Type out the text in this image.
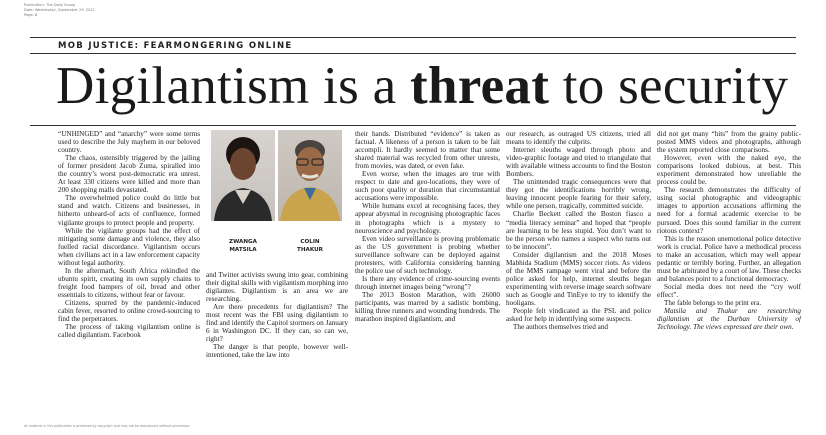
Publication: The Daily Scoop
Date: Wednesday, September 29, 2021
Page: 8
MOB JUSTICE: FEARMONGERING ONLINE
Digilantism is a threat to security

“UNHINGED” and “anarchy” were some terms used to describe the July mayhem in our beloved country.

The chaos, ostensibly triggered by the jailing of former president Jacob Zuma, spiralled into the country’s worst post-democratic era unrest. At least 330 citizens were killed and more than 200 shopping malls devastated.

The overwhelmed police could do little but stand and watch. Citizens and businesses, in hitherto unheard-of acts of confluence, formed vigilante groups to protect people and property.

While the vigilante groups had the effect of mitigating some damage and violence, they also fuelled racial discordance. Vigilantism occurs when civilians act in a law enforcement capacity without legal authority.

In the aftermath, South Africa rekindled the ubuntu spirit, creating its own supply chains to freight food hampers of oil, bread and other essentials to citizens, without fear or favour.

Citizens, spurred by the pandemic-induced cabin fever, resorted to online crowd-sourcing to find the perpetrators.

The process of taking vigilantism online is called digilantism. Facebook

ZWANGA
MATSILA
COLIN
THAKUR

and Twitter activists swung into gear, combining their digital skills with vigilantism morphing into digilantes. Digilantism is an area we are researching.

Are there precedents for digilantism? The most recent was the FBI using digilantism to find and identify the Capitol stormers on January 6 in Washington DC. If they can, so can we, right?

The danger is that people, however well-intentioned, take the law into

their hands. Distributed “evidence” is taken as factual. A likeness of a person is taken to be fait accompli. It hardly seemed to matter that some shared material was recycled from other unrests, from movies, was dated, or even fake.

Even worse, when the images are true with respect to date and geo-locations, they were of such poor quality or duration that circumstantial accusations were impossible.

While humans excel at recognising faces, they appear abysmal in recognising photographic faces in photographs which is a mystery to neuroscience and psychology.

Even video surveillance is proving problematic as the US government is probing whether surveillance software can be deployed against protesters, with California considering banning the police use of such technology.

Is there any evidence of crime-sourcing events through internet images being “wrong”?

The 2013 Boston Marathon, with 26000 participants, was marred by a sadistic bombing, killing three runners and wounding hundreds. The marathon inspired digilantism, and

our research, as outraged US citizens, tried all means to identify the culprits.

Internet sleuths waged through photo and video-graphic footage and tried to triangulate that with available witness accounts to find the Boston Bombers.

The unintended tragic consequences were that they got the identifications horribly wrong, leaving innocent people fearing for their safety, while one person, tragically, committed suicide.

Charlie Beckett called the Boston fiasco a “media literacy seminar” and hoped that “people are learning to be less stupid. You don’t want to be the person who names a suspect who turns out to be innocent”.

Consider digilantism and the 2018 Moses Mabhida Stadium (MMS) soccer riots. As videos of the MMS rampage went viral and before the police asked for help, internet sleuths began experimenting with reverse image search software such as Google and TinEye to try to identify the hooligans.

People felt vindicated as the PSL and police asked for help in identifying some suspects.

The authors themselves tried and

did not get many “hits” from the grainy public-posted MMS videos and photographs, although the system reported close comparisons.

However, even with the naked eye, the comparisons looked dubious, at best. This experiment demonstrated how unreliable the process could be.

The research demonstrates the difficulty of using social photographic and videographic images to apportion accusations affirming the need for a formal academic exercise to be pursued. Does this sound familiar in the current riotous context?

This is the reason unemotional police detective work is crucial. Police have a methodical process to make an accusation, which may well appear pedantic or terribly boring. Further, an allegation must be arbitrated by a court of law. These checks and balances point to a functional democracy.

Social media does not need the “cry wolf effect”.

The fable belongs to the print era.

Matsila and Thakur are researching digilantism at the Durban University of Technology. The views expressed are their own.

All material in this publication is protected by copyright and may not be reproduced without permission.
